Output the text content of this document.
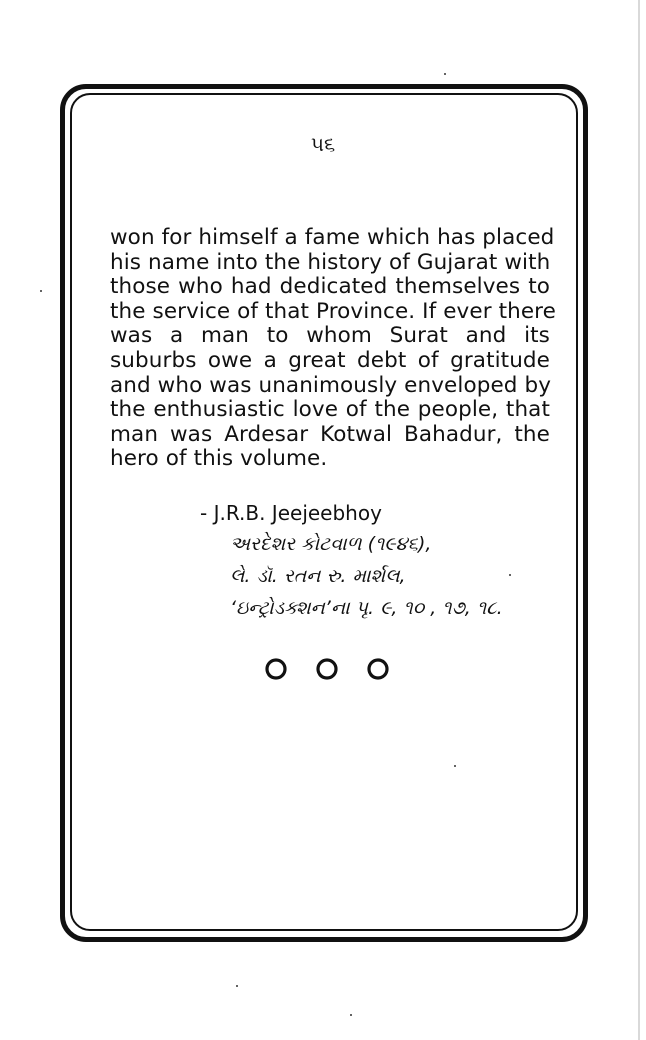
૫૬
won for himself a fame which has placed
his name into the history of Gujarat with
those who had dedicated themselves to
the service of that Province. If ever there
was a man to whom Surat and its
suburbs owe a great debt of gratitude
and who was unanimously enveloped by
the enthusiastic love of the people, that
man was Ardesar Kotwal Bahadur, the
hero of this volume.
- J.R.B. Jeejeebhoy
અરદેશર કોટવાળ (૧૯૪૬),
લે. ડૉ. રતન રુ. માર્શલ,
‘ઇન્ટ્રોડક્શન’ના પૃ. ૯, ૧૦ , ૧૭, ૧૮.
